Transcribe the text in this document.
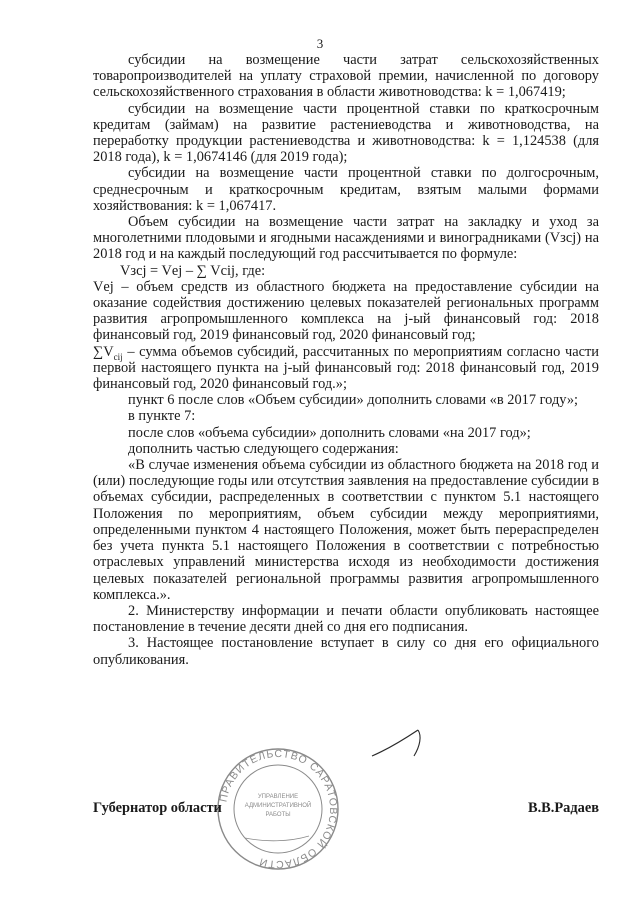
3

субсидии на возмещение части затрат сельскохозяйственных товаропроизводителей на уплату страховой премии, начисленной по договору сельскохозяйственного страхования в области животноводства: k = 1,067419;

субсидии на возмещение части процентной ставки по краткосрочным кредитам (займам) на развитие растениеводства и животноводства, на переработку продукции растениеводства и животноводства: k = 1,124538 (для 2018 года), k = 1,0674146 (для 2019 года);

субсидии на возмещение части процентной ставки по долгосрочным, среднесрочным и краткосрочным кредитам, взятым малыми формами хозяйствования: k = 1,067417.

Объем субсидии на возмещение части затрат на закладку и уход за многолетними плодовыми и ягодными насаждениями и виноградниками (Vзсj) на 2018 год и на каждый последующий год рассчитывается по формуле:

Vзсj = Vеj – ∑ Vсij, где:

Vеj – объем средств из областного бюджета на предоставление субсидии на оказание содействия достижению целевых показателей региональных программ развития агропромышленного комплекса на j-ый финансовый год: 2018 финансовый год, 2019 финансовый год, 2020 финансовый год;

$\sum V_{cij}$ – сумма объемов субсидий, рассчитанных по мероприятиям согласно части первой настоящего пункта на j-ый финансовый год: 2018 финансовый год, 2019 финансовый год, 2020 финансовый год.»;

пункт 6 после слов «Объем субсидии» дополнить словами «в 2017 году»;

в пункте 7:

после слов «объема субсидии» дополнить словами «на 2017 год»;

дополнить частью следующего содержания:

«В случае изменения объема субсидии из областного бюджета на 2018 год и (или) последующие годы или отсутствия заявления на предоставление субсидии в объемах субсидии, распределенных в соответствии с пунктом 5.1 настоящего Положения по мероприятиям, объем субсидии между мероприятиями, определенными пунктом 4 настоящего Положения, может быть перераспределен без учета пункта 5.1 настоящего Положения в соответствии с потребностью отраслевых управлений министерства исходя из необходимости достижения целевых показателей региональной программы развития агропромышленного комплекса.».

2. Министерству информации и печати области опубликовать настоящее постановление в течение десяти дней со дня его подписания.

3. Настоящее постановление вступает в силу со дня его официального опубликования.

ПРАВИТЕЛЬСТВО САРАТОВСКОЙ ОБЛАСТИ
УПРАВЛЕНИЕ
АДМИНИСТРАТИВНОЙ
РАБОТЫ
Губернатор области	В.В.Радаев
